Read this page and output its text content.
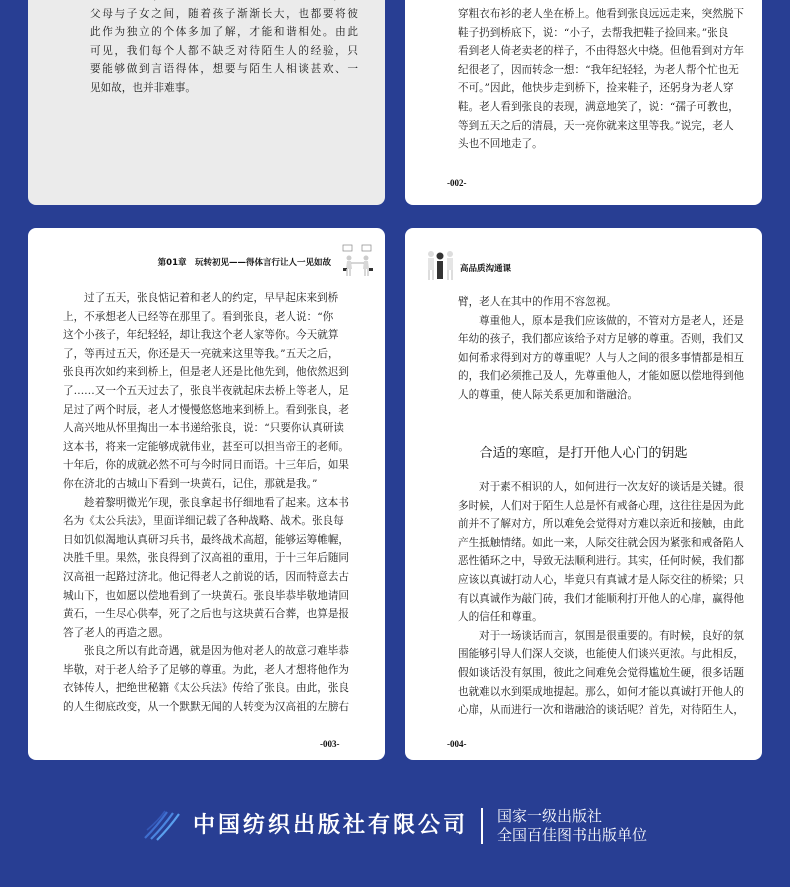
父母与子女之间，随着孩子渐渐长大，也都要将彼
此作为独立的个体多加了解，才能和谐相处。由此
可见，我们每个人都不缺乏对待陌生人的经验，只
要能够做到言语得体，想要与陌生人相谈甚欢、一
见如故，也并非难事。
穿粗衣布衫的老人坐在桥上。他看到张良远远走来，突然脱下
鞋子扔到桥底下，说：“小子，去帮我把鞋子捡回来。”张良
看到老人倚老卖老的样子，不由得怒火中烧。但他看到对方年
纪很老了，因而转念一想：“我年纪轻轻，为老人帮个忙也无
不可。”因此，他快步走到桥下，捡来鞋子，还躬身为老人穿
鞋。老人看到张良的表现，满意地笑了，说：“孺子可教也，
等到五天之后的清晨，天一亮你就来这里等我。”说完，老人
头也不回地走了。
-002-
第01章　玩转初见——得体言行让人一见如故
过了五天，张良惦记着和老人的约定，早早起床来到桥
上，不承想老人已经等在那里了。看到张良，老人说：“你
这个小孩子，年纪轻轻，却让我这个老人家等你。今天就算
了，等再过五天，你还是天一亮就来这里等我。”五天之后，
张良再次如约来到桥上，但是老人还是比他先到，他依然迟到
了……又一个五天过去了，张良半夜就起床去桥上等老人，足
足过了两个时辰，老人才慢慢悠悠地来到桥上。看到张良，老
人高兴地从怀里掏出一本书递给张良，说：“只要你认真研读
这本书，将来一定能够成就伟业，甚至可以担当帝王的老师。
十年后，你的成就必然不可与今时同日而语。十三年后，如果
你在济北的古城山下看到一块黄石，记住，那就是我。”
趁着黎明微光乍现，张良拿起书仔细地看了起来。这本书
名为《太公兵法》，里面详细记载了各种战略、战术。张良每
日如饥似渴地认真研习兵书，最终战术高超，能够运筹帷幄，
决胜千里。果然，张良得到了汉高祖的重用，于十三年后随同
汉高祖一起路过济北。他记得老人之前说的话，因而特意去古
城山下，也如愿以偿地看到了一块黄石。张良毕恭毕敬地请回
黄石，一生尽心供奉，死了之后也与这块黄石合葬，也算是报
答了老人的再造之恩。
张良之所以有此奇遇，就是因为他对老人的故意刁难毕恭
毕敬，对于老人给予了足够的尊重。为此，老人才想将他作为
衣钵传人，把绝世秘籍《太公兵法》传给了张良。由此，张良
的人生彻底改变，从一个默默无闻的人转变为汉高祖的左膀右
-003-
高品质沟通课
臂，老人在其中的作用不容忽视。
尊重他人，原本是我们应该做的，不管对方是老人，还是
年幼的孩子，我们都应该给予对方足够的尊重。否则，我们又
如何希求得到对方的尊重呢？人与人之间的很多事情都是相互
的，我们必须推己及人，先尊重他人，才能如愿以偿地得到他
人的尊重，使人际关系更加和谐融洽。
合适的寒暄，是打开他人心门的钥匙
对于素不相识的人，如何进行一次友好的谈话是关键。很
多时候，人们对于陌生人总是怀有戒备心理，这往往是因为此
前并不了解对方，所以难免会觉得对方难以亲近和接触，由此
产生抵触情绪。如此一来，人际交往就会因为紧张和戒备陷人
恶性循环之中，导致无法顺利进行。其实，任何时候，我们都
应该以真诚打动人心，毕竟只有真诚才是人际交往的桥梁；只
有以真诚作为敲门砖，我们才能顺利打开他人的心扉，赢得他
人的信任和尊重。
对于一场谈话而言，氛围是很重要的。有时候，良好的氛
围能够引导人们深人交谈，也能使人们谈兴更浓。与此相反，
假如谈话没有氛围，彼此之间难免会觉得尴尬生硬，很多话题
也就难以水到渠成地提起。那么，如何才能以真诚打开他人的
心扉，从而进行一次和谐融洽的谈话呢？首先，对待陌生人，
-004-
中国纺织出版社有限公司 国家一级出版社
全国百佳图书出版单位
